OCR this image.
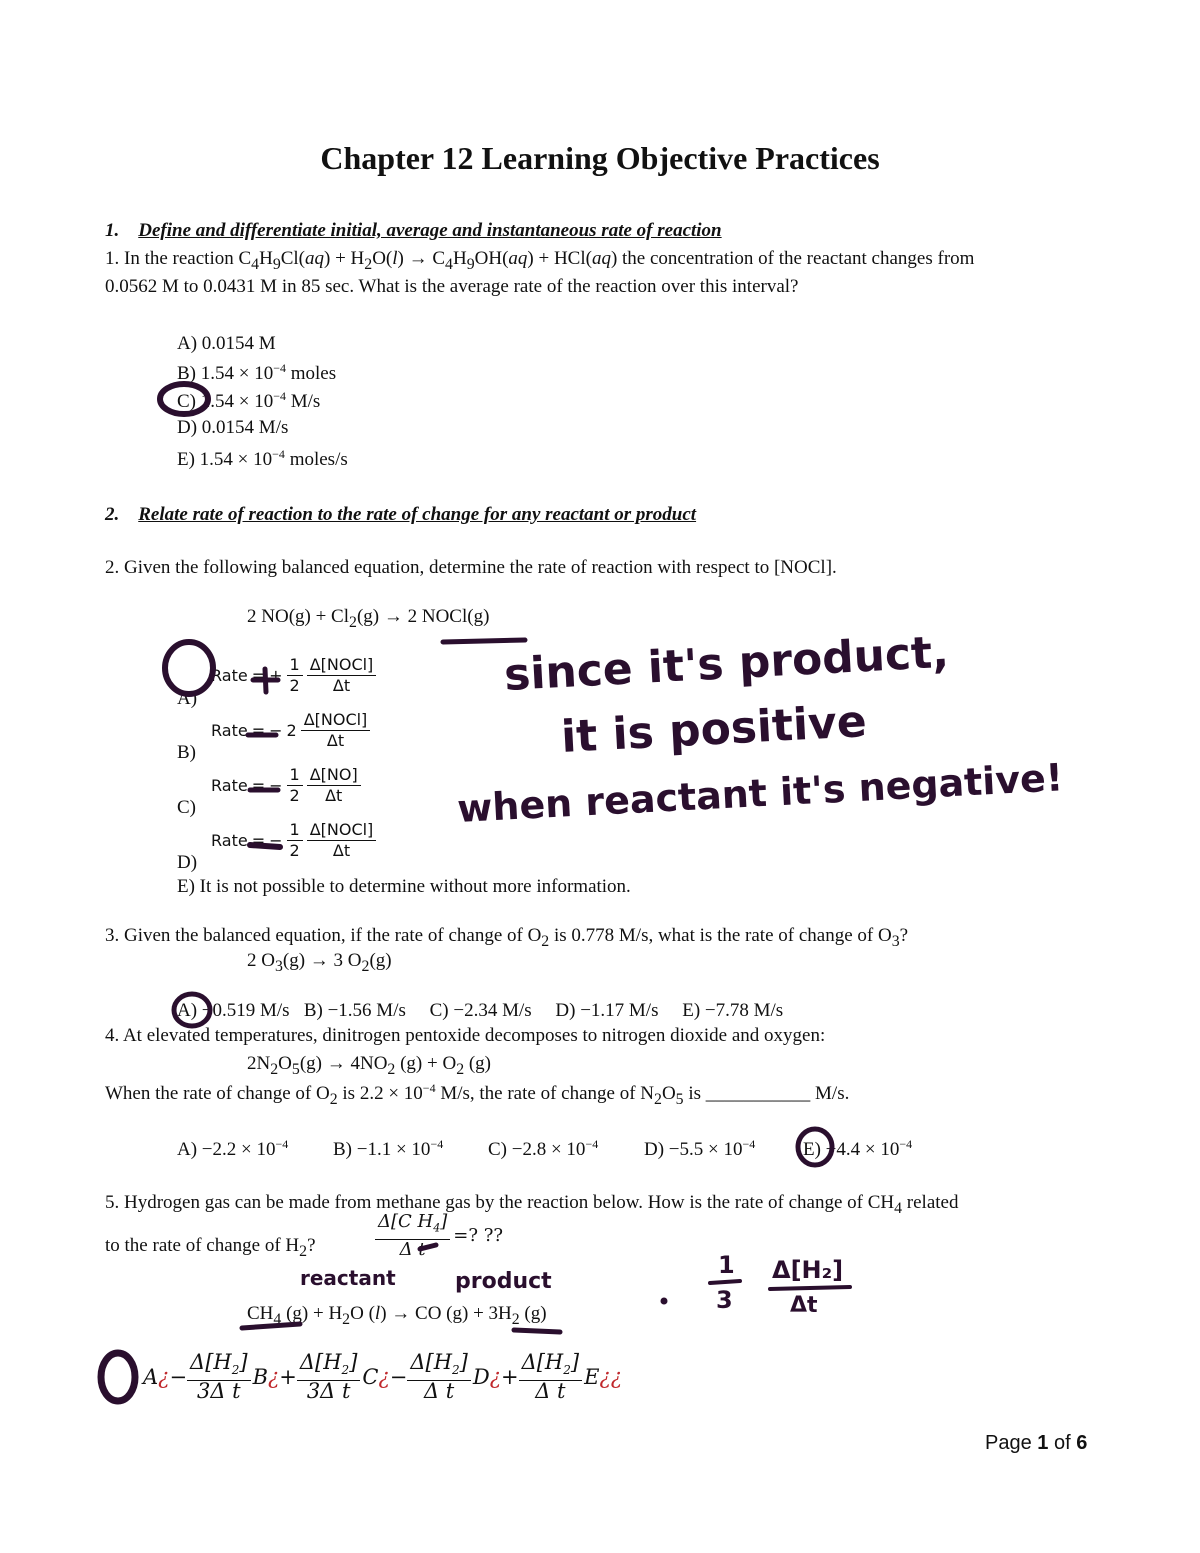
Chapter 12 Learning Objective Practices
1. Define and differentiate initial, average and instantaneous rate of reaction
1. In the reaction $C_4H_9Cl(aq) + H_2O(l) \to C_4H_9OH(aq) + HCl(aq)$ the concentration of the reactant changes from
0.0562 M to 0.0431 M in 85 sec. What is the average rate of the reaction over this interval?
A) 0.0154 M
B) $1.54 \times 10^{-4}$ moles
C) $1.54 \times 10^{-4}$ M/s
D) 0.0154 M/s
E) $1.54 \times 10^{-4}$ moles/s
2. Relate rate of reaction to the rate of change for any reactant or product
2. Given the following balanced equation, determine the rate of reaction with respect to [NOCl].
2 $NO(g) + Cl_2(g) \to 2$ NOCl(g)
Rate = + $\frac{1}{2} \frac{\text{Δ[NOCl]}}{\Delta t}$
A)
Rate = − $2 \frac{\text{Δ[NOCl]}}{\Delta t}$
B)
Rate = − $\frac{1}{2} \frac{\Delta[NO]}{\Delta t}$
C)
Rate = − $\frac{1}{2} \frac{\text{Δ[NOCl]}}{\Delta t}$
D)
E) It is not possible to determine without more information.
3. Given the balanced equation, if the rate of change of $O_2$ is 0.778 M/s, what is the rate of change of $O_3$?
2 $O_3(g) \to 3$ $O_2(g)$
A) −0.519 M/s   B) −1.56 M/s     C) −2.34 M/s     D) −1.17 M/s     E) −7.78 M/s
4. At elevated temperatures, dinitrogen pentoxide decomposes to nitrogen dioxide and oxygen:
$2N_2O_5(g) \to 4NO_2$ $(g) + O_2$ (g)
When the rate of change of $O_2$ is $2.2 \times 10^{-4}$ M/s, the rate of change of $N_2O_5$ is ___________ M/s.
$A) -2.2 \times 10^{-4}$ $B) -1.1 \times 10^{-4}$ $C) -2.8 \times 10^{-4}$ $D) -5.5 \times 10^{-4}$	$E) -4.4 \times 10^{-4}$
5. Hydrogen gas can be made from methane gas by the reaction below. How is the rate of change of $CH_4$ related
to the rate of change of $H_2$?	$\frac{\Delta[C H_4]}{\text{Δ t}}$ =? ??
$CH_4$ $(g) + H_2O$ (l) → CO $(g) + 3H_2$ (g)
A ¿ − $\frac{\Delta[H_2]}{\text{3Δ t}}$ B ¿ + $\frac{\Delta[H_2]}{\text{3Δ t}}$ C ¿ − $\frac{\Delta[H_2]}{\text{Δ t}}$ D ¿ + $\frac{\Delta[H_2]}{\text{Δ t}}$ E ¿¿
Page 1 of 6
since it's product,
it is positive
when reactant it's negative!
reactant	product
1
3
Δ[H₂]
Δt
